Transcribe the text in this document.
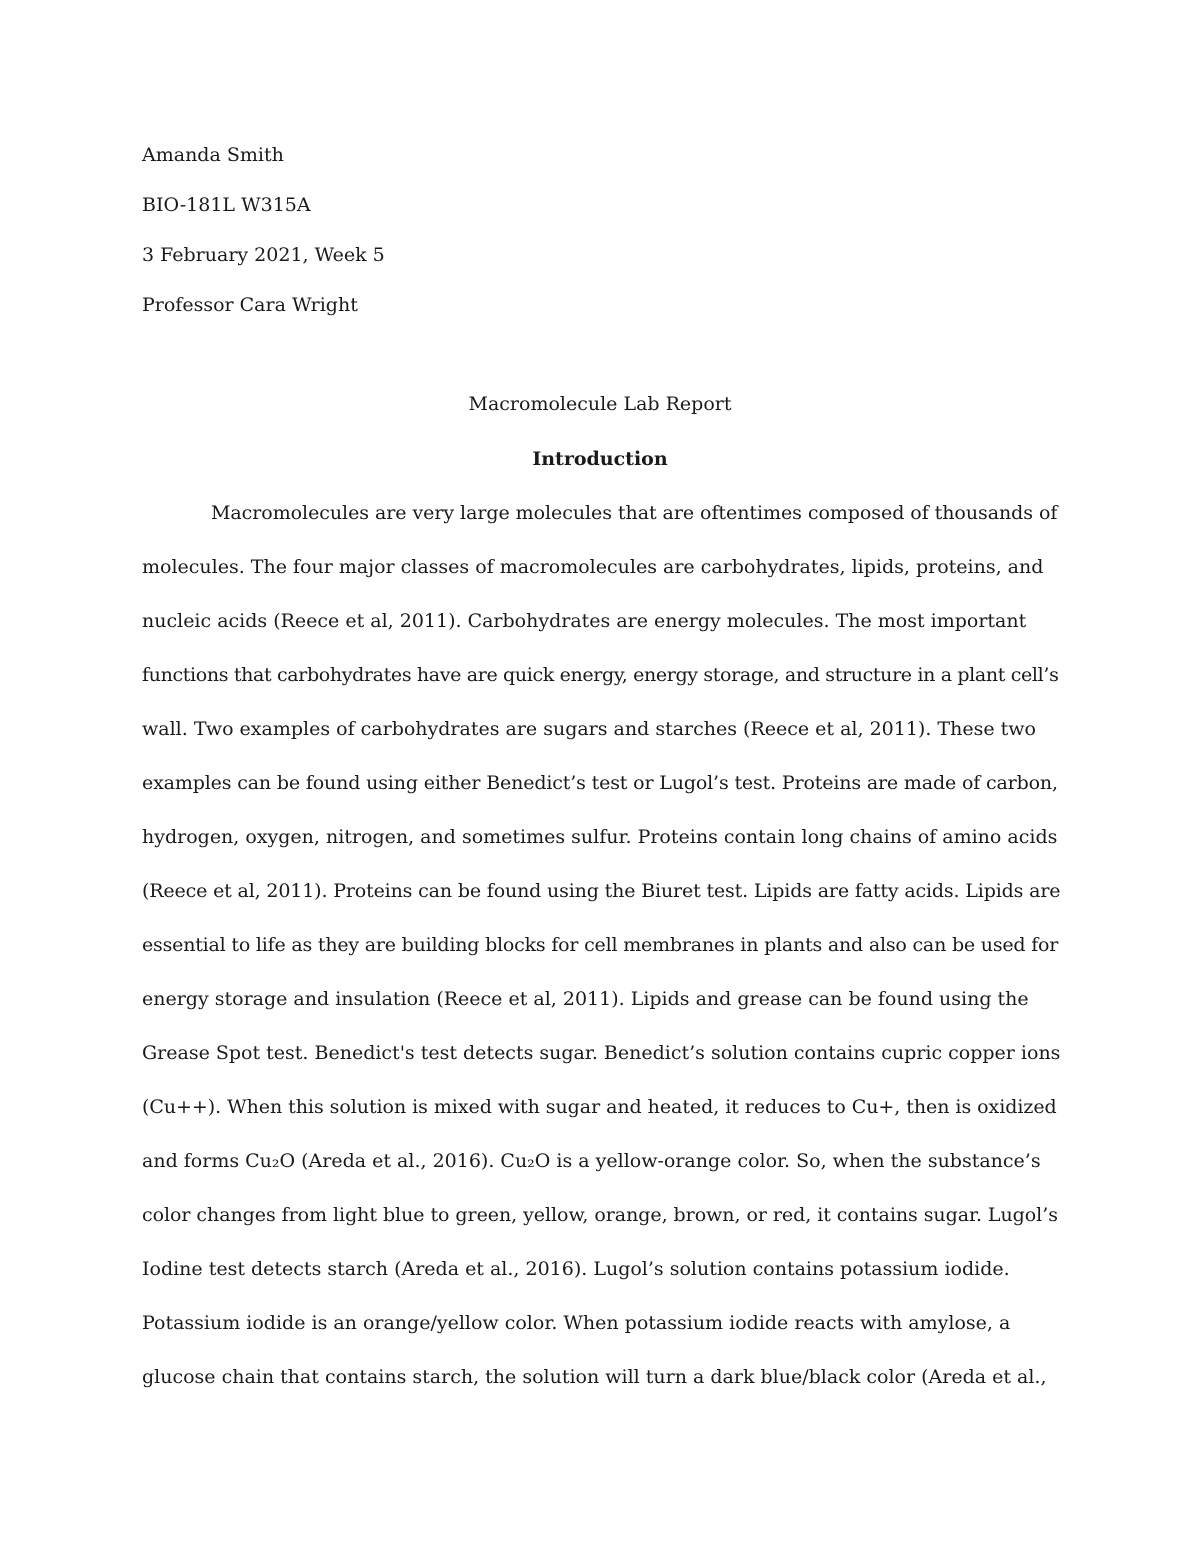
Amanda Smith
BIO-181L W315A
3 February 2021, Week 5
Professor Cara Wright
Macromolecule Lab Report
Introduction
Macromolecules are very large molecules that are oftentimes composed of thousands of
molecules. The four major classes of macromolecules are carbohydrates, lipids, proteins, and
nucleic acids (Reece et al, 2011). Carbohydrates are energy molecules. The most important
functions that carbohydrates have are quick energy, energy storage, and structure in a plant cell’s
wall. Two examples of carbohydrates are sugars and starches (Reece et al, 2011). These two
examples can be found using either Benedict’s test or Lugol’s test. Proteins are made of carbon,
hydrogen, oxygen, nitrogen, and sometimes sulfur. Proteins contain long chains of amino acids
(Reece et al, 2011). Proteins can be found using the Biuret test. Lipids are fatty acids. Lipids are
essential to life as they are building blocks for cell membranes in plants and also can be used for
energy storage and insulation (Reece et al, 2011). Lipids and grease can be found using the
Grease Spot test. Benedict's test detects sugar. Benedict’s solution contains cupric copper ions
(Cu++). When this solution is mixed with sugar and heated, it reduces to Cu+, then is oxidized
and forms Cu₂O (Areda et al., 2016). Cu₂O is a yellow-orange color. So, when the substance’s
color changes from light blue to green, yellow, orange, brown, or red, it contains sugar. Lugol’s
Iodine test detects starch (Areda et al., 2016). Lugol’s solution contains potassium iodide.
Potassium iodide is an orange/yellow color. When potassium iodide reacts with amylose, a
glucose chain that contains starch, the solution will turn a dark blue/black color (Areda et al.,
